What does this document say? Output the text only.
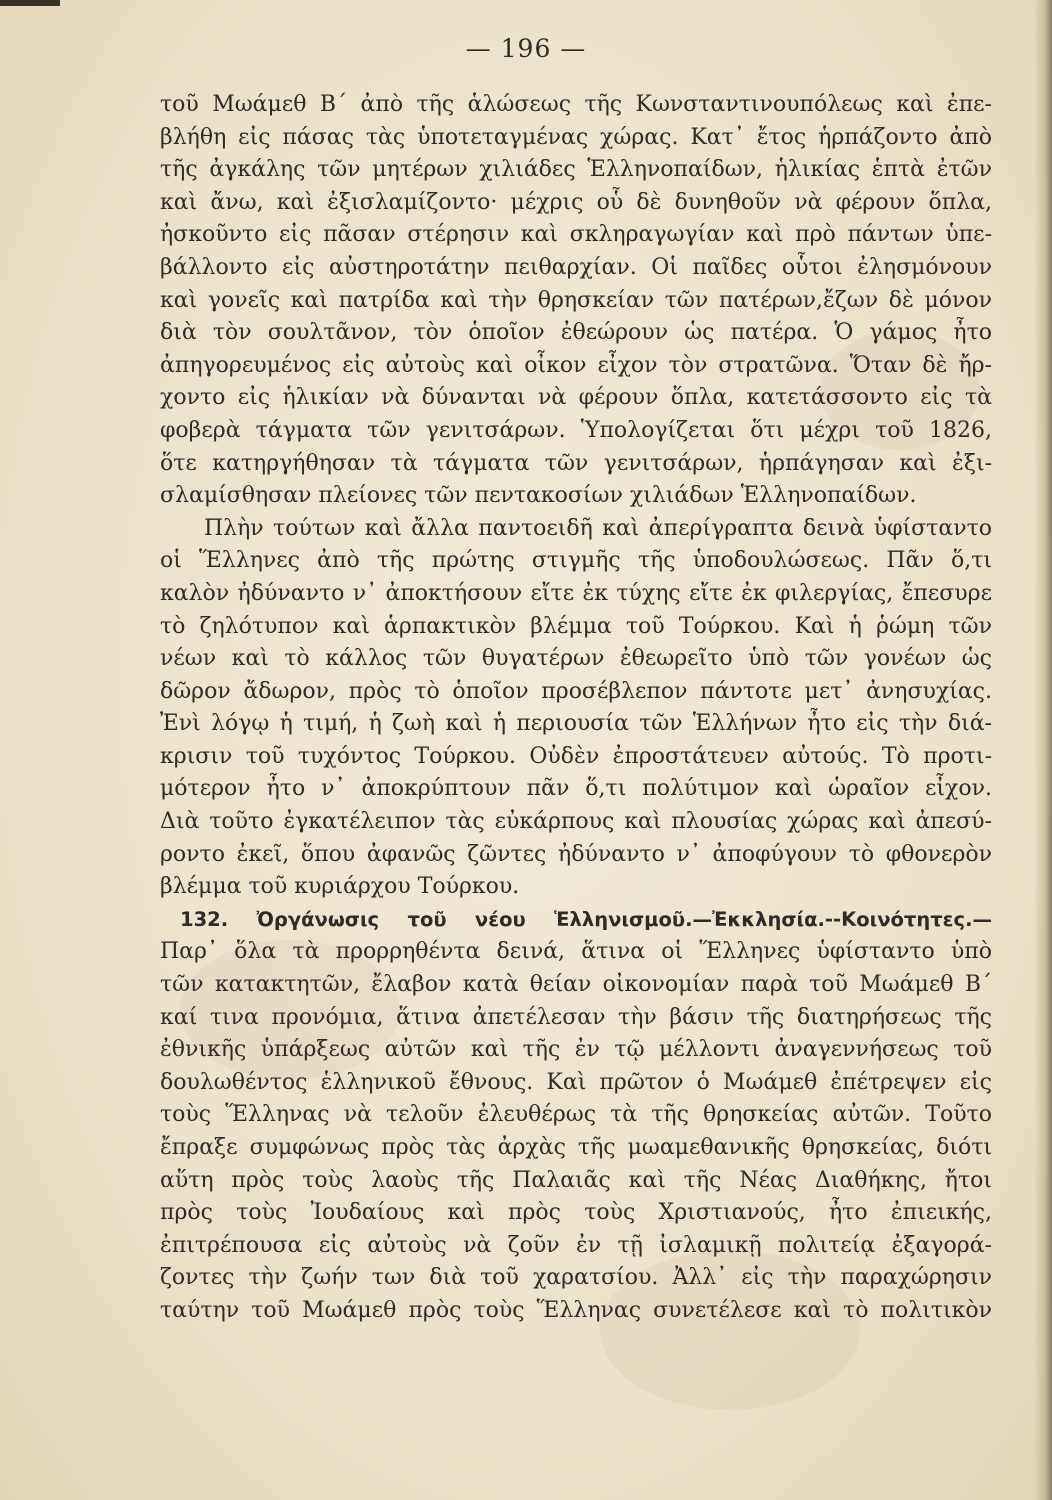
— 196 —
τοῦ Μωάμεθ Β΄ ἀπὸ τῆς ἁλώσεως τῆς Κωνσταντινουπόλεως καὶ ἐπε-
βλήθη εἰς πάσας τὰς ὑποτεταγμένας χώρας. Κατ᾽ ἔτος ἡρπάζοντο ἀπὸ
τῆς ἀγκάλης τῶν μητέρων χιλιάδες Ἑλληνοπαίδων, ἡλικίας ἑπτὰ ἐτῶν
καὶ ἄνω, καὶ ἐξισλαμίζοντο· μέχρις οὗ δὲ δυνηθοῦν νὰ φέρουν ὅπλα,
ἠσκοῦντο εἰς πᾶσαν στέρησιν καὶ σκληραγωγίαν καὶ πρὸ πάντων ὑπε-
βάλλοντο εἰς αὐστηροτάτην πειθαρχίαν. Οἱ παῖδες οὗτοι ἐλησμόνουν
καὶ γονεῖς καὶ πατρίδα καὶ τὴν θρησκείαν τῶν πατέρων,ἔζων δὲ μόνον
διὰ τὸν σουλτᾶνον, τὸν ὁποῖον ἐθεώρουν ὡς πατέρα. Ὁ γάμος ἦτο
ἀπηγορευμένος εἰς αὐτοὺς καὶ οἶκον εἶχον τὸν στρατῶνα. Ὅταν δὲ ἤρ-
χοντο εἰς ἡλικίαν νὰ δύνανται νὰ φέρουν ὅπλα, κατετάσσοντο εἰς τὰ
φοβερὰ τάγματα τῶν γενιτσάρων. Ὑπολογίζεται ὅτι μέχρι τοῦ 1826,
ὅτε κατηργήθησαν τὰ τάγματα τῶν γενιτσάρων, ἡρπάγησαν καὶ ἐξι-
σλαμίσθησαν πλείονες τῶν πεντακοσίων χιλιάδων Ἑλληνοπαίδων.
Πλὴν τούτων καὶ ἄλλα παντοειδῆ καὶ ἀπερίγραπτα δεινὰ ὑφίσταντο
οἱ Ἕλληνες ἀπὸ τῆς πρώτης στιγμῆς τῆς ὑποδουλώσεως. Πᾶν ὅ,τι
καλὸν ἠδύναντο ν᾽ ἀποκτήσουν εἴτε ἐκ τύχης εἴτε ἐκ φιλεργίας, ἔπεσυρε
τὸ ζηλότυπον καὶ ἁρπακτικὸν βλέμμα τοῦ Τούρκου. Καὶ ἡ ῥώμη τῶν
νέων καὶ τὸ κάλλος τῶν θυγατέρων ἐθεωρεῖτο ὑπὸ τῶν γονέων ὡς
δῶρον ἄδωρον, πρὸς τὸ ὁποῖον προσέβλεπον πάντοτε μετ᾽ ἀνησυχίας.
Ἐνὶ λόγῳ ἡ τιμή, ἡ ζωὴ καὶ ἡ περιουσία τῶν Ἑλλήνων ἦτο εἰς τὴν διά-
κρισιν τοῦ τυχόντος Τούρκου. Οὐδὲν ἐπροστάτευεν αὐτούς. Τὸ προτι-
μότερον ἦτο ν᾽ ἀποκρύπτουν πᾶν ὅ,τι πολύτιμον καὶ ὡραῖον εἶχον.
Διὰ τοῦτο ἐγκατέλειπον τὰς εὐκάρπους καὶ πλουσίας χώρας καὶ ἀπεσύ-
ροντο ἐκεῖ, ὅπου ἀφανῶς ζῶντες ἠδύναντο ν᾽ ἀποφύγουν τὸ φθονερὸν
βλέμμα τοῦ κυριάρχου Τούρκου.
132. Ὀργάνωσις τοῦ νέου Ἑλληνισμοῦ.—Ἐκκλησία.--Κοινότητες.—
Παρ᾽ ὅλα τὰ προρρηθέντα δεινά, ἅτινα οἱ Ἕλληνες ὑφίσταντο ὑπὸ
τῶν κατακτητῶν, ἔλαβον κατὰ θείαν οἰκονομίαν παρὰ τοῦ Μωάμεθ Β΄
καί τινα προνόμια, ἅτινα ἀπετέλεσαν τὴν βάσιν τῆς διατηρήσεως τῆς
ἐθνικῆς ὑπάρξεως αὐτῶν καὶ τῆς ἐν τῷ μέλλοντι ἀναγεννήσεως τοῦ
δουλωθέντος ἑλληνικοῦ ἔθνους. Καὶ πρῶτον ὁ Μωάμεθ ἐπέτρεψεν εἰς
τοὺς Ἕλληνας νὰ τελοῦν ἐλευθέρως τὰ τῆς θρησκείας αὐτῶν. Τοῦτο
ἔπραξε συμφώνως πρὸς τὰς ἀρχὰς τῆς μωαμεθανικῆς θρησκείας, διότι
αὕτη πρὸς τοὺς λαοὺς τῆς Παλαιᾶς καὶ τῆς Νέας Διαθήκης, ἤτοι
πρὸς τοὺς Ἰουδαίους καὶ πρὸς τοὺς Χριστιανούς, ἦτο ἐπιεικής,
ἐπιτρέπουσα εἰς αὐτοὺς νὰ ζοῦν ἐν τῇ ἰσλαμικῇ πολιτείᾳ ἐξαγορά-
ζοντες τὴν ζωήν των διὰ τοῦ χαρατσίου. Ἀλλ᾽ εἰς τὴν παραχώρησιν
ταύτην τοῦ Μωάμεθ πρὸς τοὺς Ἕλληνας συνετέλεσε καὶ τὸ πολιτικὸν
